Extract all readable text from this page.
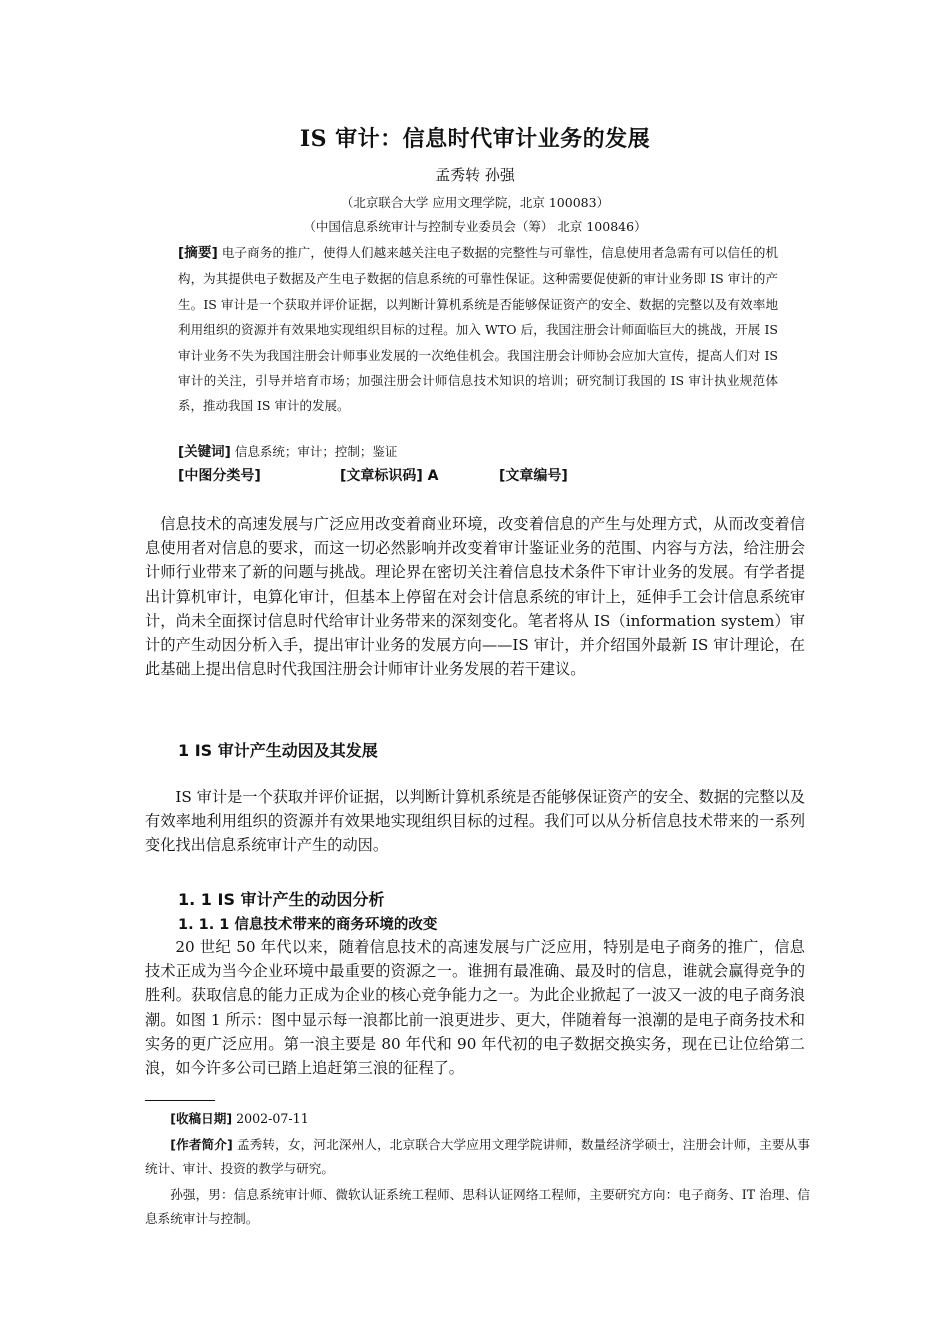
IS 审计：信息时代审计业务的发展
孟秀转 孙强
（北京联合大学 应用文理学院，北京 100083）
（中国信息系统审计与控制专业委员会（筹） 北京 100846）
[摘要] 电子商务的推广，使得人们越来越关注电子数据的完整性与可靠性，信息使用者急需有可以信任的机构，为其提供电子数据及产生电子数据的信息系统的可靠性保证。这种需要促使新的审计业务即 IS 审计的产生。IS 审计是一个获取并评价证据，以判断计算机系统是否能够保证资产的安全、数据的完整以及有效率地利用组织的资源并有效果地实现组织目标的过程。加入 WTO 后，我国注册会计师面临巨大的挑战，开展 IS 审计业务不失为我国注册会计师事业发展的一次绝佳机会。我国注册会计师协会应加大宣传，提高人们对 IS 审计的关注，引导并培育市场；加强注册会计师信息技术知识的培训；研究制订我国的 IS 审计执业规范体系，推动我国 IS 审计的发展。
[关键词] 信息系统；审计；控制；鉴证
[中图分类号]	[文章标识码] A	[文章编号]
信息技术的高速发展与广泛应用改变着商业环境，改变着信息的产生与处理方式，从而改变着信息使用者对信息的要求，而这一切必然影响并改变着审计鉴证业务的范围、内容与方法，给注册会计师行业带来了新的问题与挑战。理论界在密切关注着信息技术条件下审计业务的发展。有学者提出计算机审计，电算化审计，但基本上停留在对会计信息系统的审计上，延伸手工会计信息系统审计，尚未全面探讨信息时代给审计业务带来的深刻变化。笔者将从 IS（information system）审计的产生动因分析入手，提出审计业务的发展方向——IS 审计，并介绍国外最新 IS 审计理论，在此基础上提出信息时代我国注册会计师审计业务发展的若干建议。
1 IS 审计产生动因及其发展
IS 审计是一个获取并评价证据，以判断计算机系统是否能够保证资产的安全、数据的完整以及有效率地利用组织的资源并有效果地实现组织目标的过程。我们可以从分析信息技术带来的一系列变化找出信息系统审计产生的动因。
1. 1 IS 审计产生的动因分析
1. 1. 1 信息技术带来的商务环境的改变
20 世纪 50 年代以来，随着信息技术的高速发展与广泛应用，特别是电子商务的推广，信息技术正成为当今企业环境中最重要的资源之一。谁拥有最准确、最及时的信息，谁就会赢得竞争的胜利。获取信息的能力正成为企业的核心竞争能力之一。为此企业掀起了一波又一波的电子商务浪潮。如图 1 所示：图中显示每一浪都比前一浪更进步、更大，伴随着每一浪潮的是电子商务技术和实务的更广泛应用。第一浪主要是 80 年代和 90 年代初的电子数据交换实务，现在已让位给第二浪，如今许多公司已踏上追赶第三浪的征程了。
[收稿日期] 2002-07-11
[作者简介] 孟秀转，女，河北深州人，北京联合大学应用文理学院讲师，数量经济学硕士，注册会计师，主要从事统计、审计、投资的教学与研究。
孙强，男：信息系统审计师、微软认证系统工程师、思科认证网络工程师，主要研究方向：电子商务、IT 治理、信息系统审计与控制。
